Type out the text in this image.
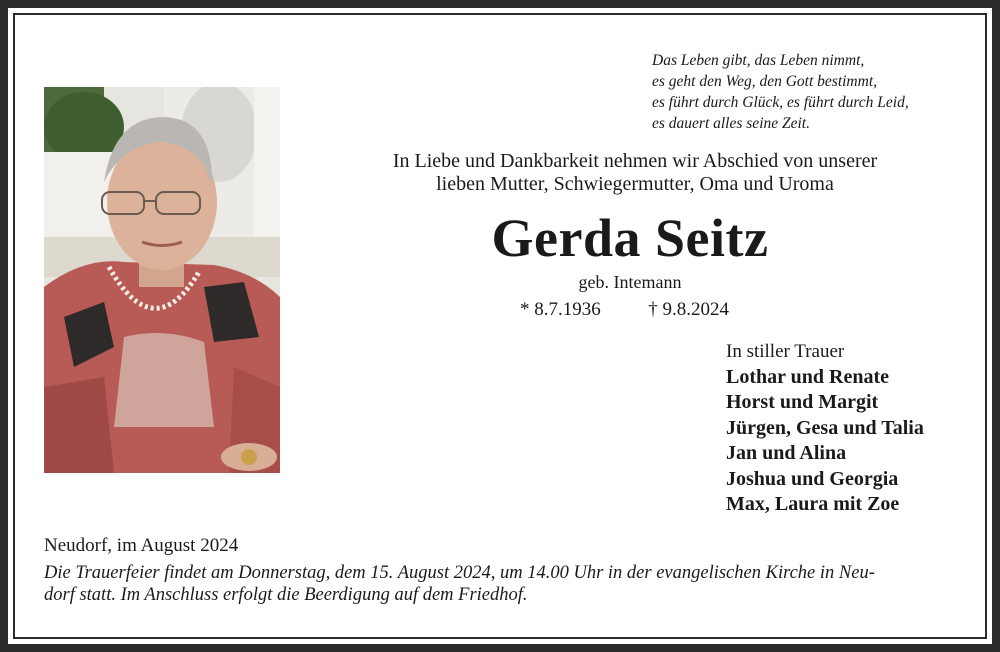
Das Leben gibt, das Leben nimmt,
es geht den Weg, den Gott bestimmt,
es führt durch Glück, es führt durch Leid,
es dauert alles seine Zeit.
In Liebe und Dankbarkeit nehmen wir Abschied von unserer
lieben Mutter, Schwiegermutter, Oma und Uroma
Gerda Seitz
geb. Intemann
* 8.7.1936	† 9.8.2024
In stiller Trauer
Lothar und Renate
Horst und Margit
Jürgen, Gesa und Talia
Jan und Alina
Joshua und Georgia
Max, Laura mit Zoe
Neudorf, im August 2024
Die Trauerfeier findet am Donnerstag, dem 15. August 2024, um 14.00 Uhr in der evangelischen Kirche in Neu-
dorf statt. Im Anschluss erfolgt die Beerdigung auf dem Friedhof.
